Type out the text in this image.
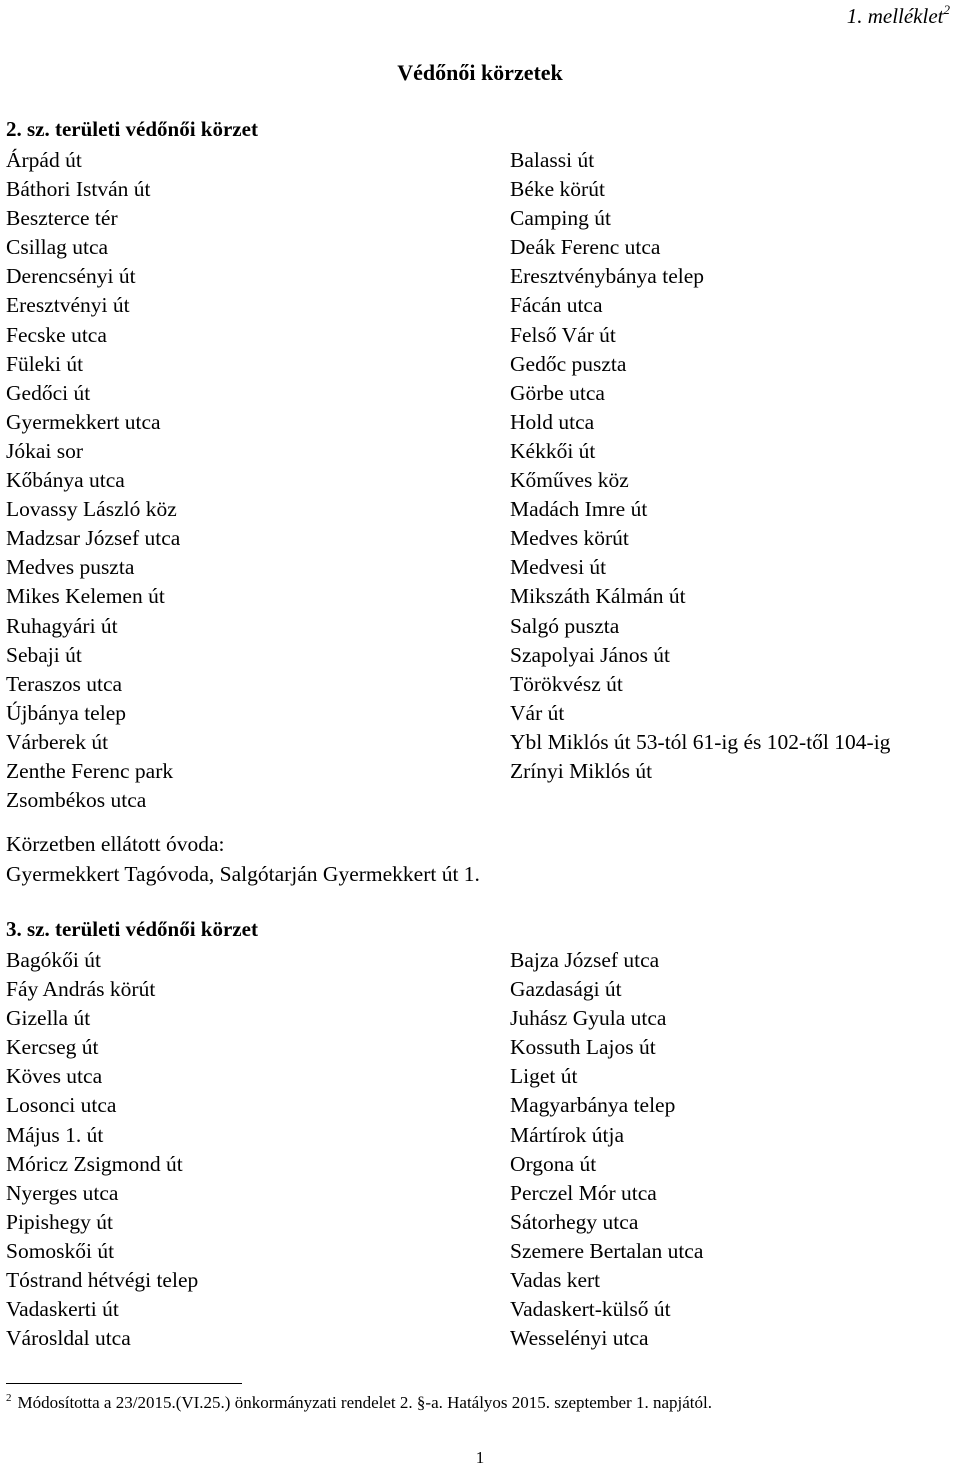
1. melléklet$^2$
Védőnői körzetek
2. sz. területi védőnői körzet
Árpád út
Báthori István út
Beszterce tér
Csillag utca
Derencsényi út
Eresztvényi út
Fecske utca
Füleki út
Gedőci út
Gyermekkert utca
Jókai sor
Kőbánya utca
Lovassy László köz
Madzsar József utca
Medves puszta
Mikes Kelemen út
Ruhagyári út
Sebaji út
Teraszos utca
Újbánya telep
Várberek út
Zenthe Ferenc park
Zsombékos utca
Balassi út
Béke körút
Camping út
Deák Ferenc utca
Eresztvénybánya telep
Fácán utca
Felső Vár út
Gedőc puszta
Görbe utca
Hold utca
Kékkői út
Kőműves köz
Madách Imre út
Medves körút
Medvesi út
Mikszáth Kálmán út
Salgó puszta
Szapolyai János út
Törökvész út
Vár út
Ybl Miklós út 53-tól 61-ig és 102-től 104-ig
Zrínyi Miklós út
Körzetben ellátott óvoda:
Gyermekkert Tagóvoda, Salgótarján Gyermekkert út 1.
3. sz. területi védőnői körzet
Bagókői út
Fáy András körút
Gizella út
Kercseg út
Köves utca
Losonci utca
Május 1. út
Móricz Zsigmond út
Nyerges utca
Pipishegy út
Somoskői út
Tóstrand hétvégi telep
Vadaskerti út
Városldal utca
Bajza József utca
Gazdasági út
Juhász Gyula utca
Kossuth Lajos út
Liget út
Magyarbánya telep
Mártírok útja
Orgona út
Perczel Mór utca
Sátorhegy utca
Szemere Bertalan utca
Vadas kert
Vadaskert-külső út
Wesselényi utca
$^2$ Módosította a 23/2015.(VI.25.) önkormányzati rendelet 2. §-a. Hatályos 2015. szeptember 1. napjától.
1
